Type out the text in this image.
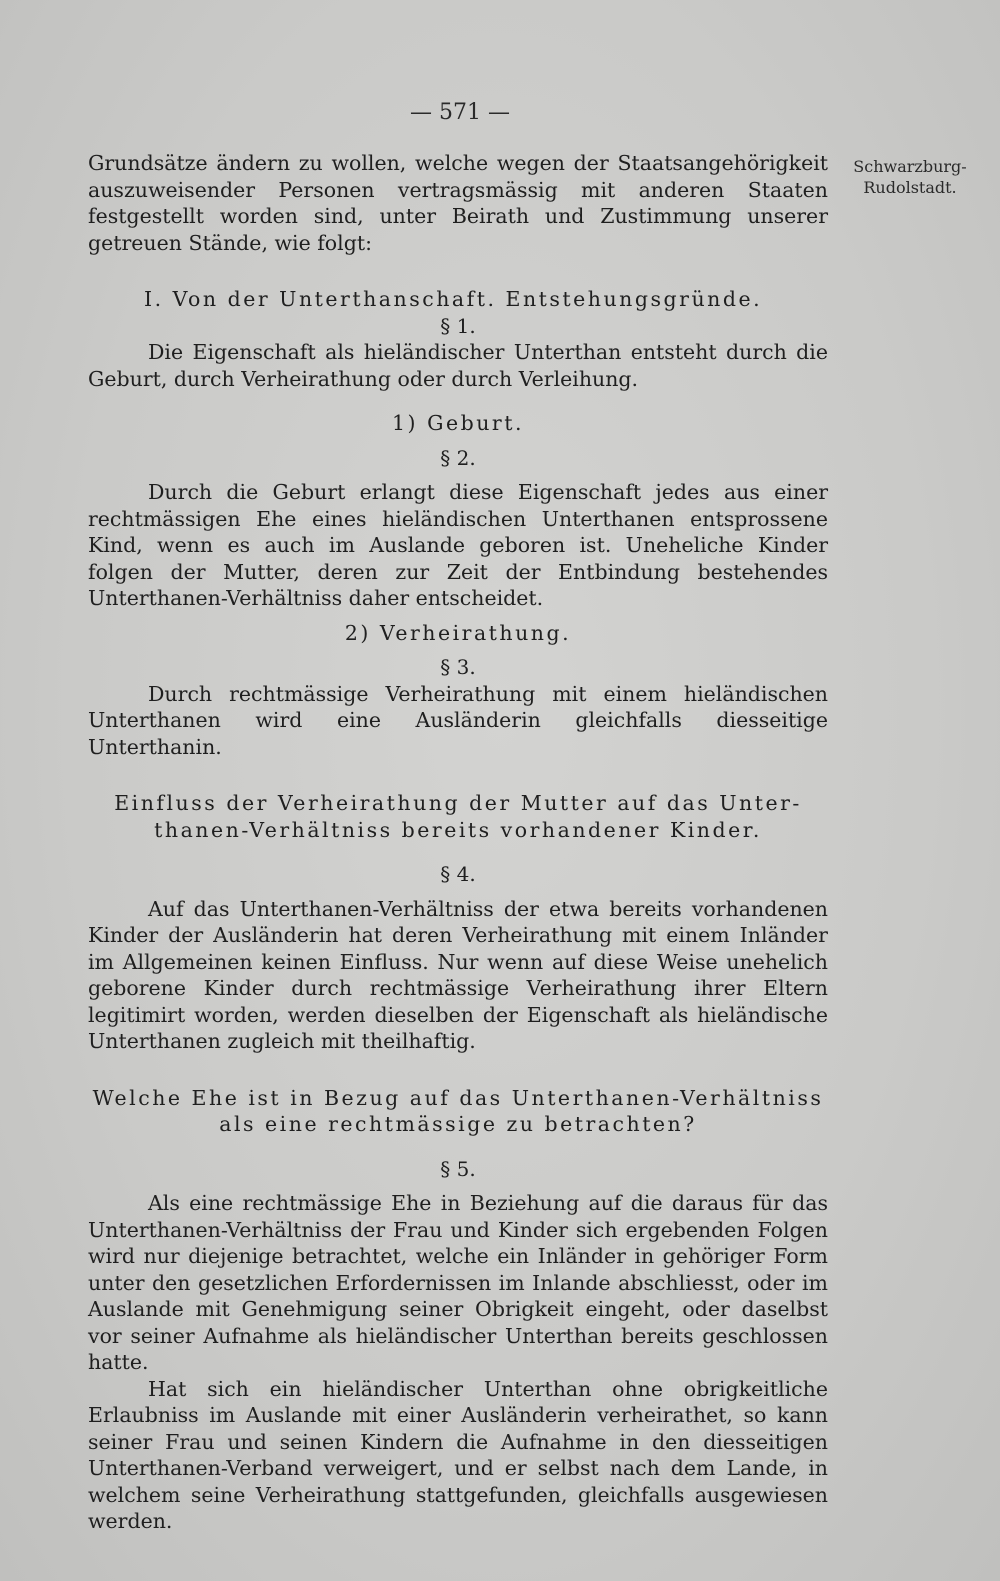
— 571 —
Schwarzburg-
Rudolstadt.

Grundsätze ändern zu wollen, welche wegen der Staatsangehörigkeit auszuweisender Personen vertragsmässig mit anderen Staaten festgestellt worden sind, unter Beirath und Zustimmung unserer getreuen Stände, wie folgt:

I. Von der Unterthanschaft. Entstehungsgründe.

§ 1.

Die Eigenschaft als hieländischer Unterthan entsteht durch die Geburt, durch Verheirathung oder durch Verleihung.

1) Geburt.

§ 2.

Durch die Geburt erlangt diese Eigenschaft jedes aus einer rechtmässigen Ehe eines hieländischen Unterthanen entsprossene Kind, wenn es auch im Auslande geboren ist. Uneheliche Kinder folgen der Mutter, deren zur Zeit der Entbindung bestehendes Unterthanen-Verhältniss daher entscheidet.

2) Verheirathung.

§ 3.

Durch rechtmässige Verheirathung mit einem hieländischen Unterthanen wird eine Ausländerin gleichfalls diesseitige Unterthanin.

Einfluss der Verheirathung der Mutter auf das Unter-

thanen-Verhältniss bereits vorhandener Kinder.

§ 4.

Auf das Unterthanen-Verhältniss der etwa bereits vorhandenen Kinder der Ausländerin hat deren Verheirathung mit einem Inländer im Allgemeinen keinen Einfluss. Nur wenn auf diese Weise unehelich geborene Kinder durch rechtmässige Verheirathung ihrer Eltern legitimirt worden, werden dieselben der Eigenschaft als hieländische Unterthanen zugleich mit theilhaftig.

Welche Ehe ist in Bezug auf das Unterthanen-Verhältniss

als eine rechtmässige zu betrachten?

§ 5.

Als eine rechtmässige Ehe in Beziehung auf die daraus für das Unterthanen-Verhältniss der Frau und Kinder sich ergebenden Folgen wird nur diejenige betrachtet, welche ein Inländer in gehöriger Form unter den gesetzlichen Erfordernissen im Inlande abschliesst, oder im Auslande mit Genehmigung seiner Obrigkeit eingeht, oder daselbst vor seiner Aufnahme als hieländischer Unterthan bereits geschlossen hatte.

Hat sich ein hieländischer Unterthan ohne obrigkeitliche Erlaubniss im Auslande mit einer Ausländerin verheirathet, so kann seiner Frau und seinen Kindern die Aufnahme in den diesseitigen Unterthanen-Verband verweigert, und er selbst nach dem Lande, in welchem seine Verheirathung stattgefunden, gleichfalls ausgewiesen werden.
